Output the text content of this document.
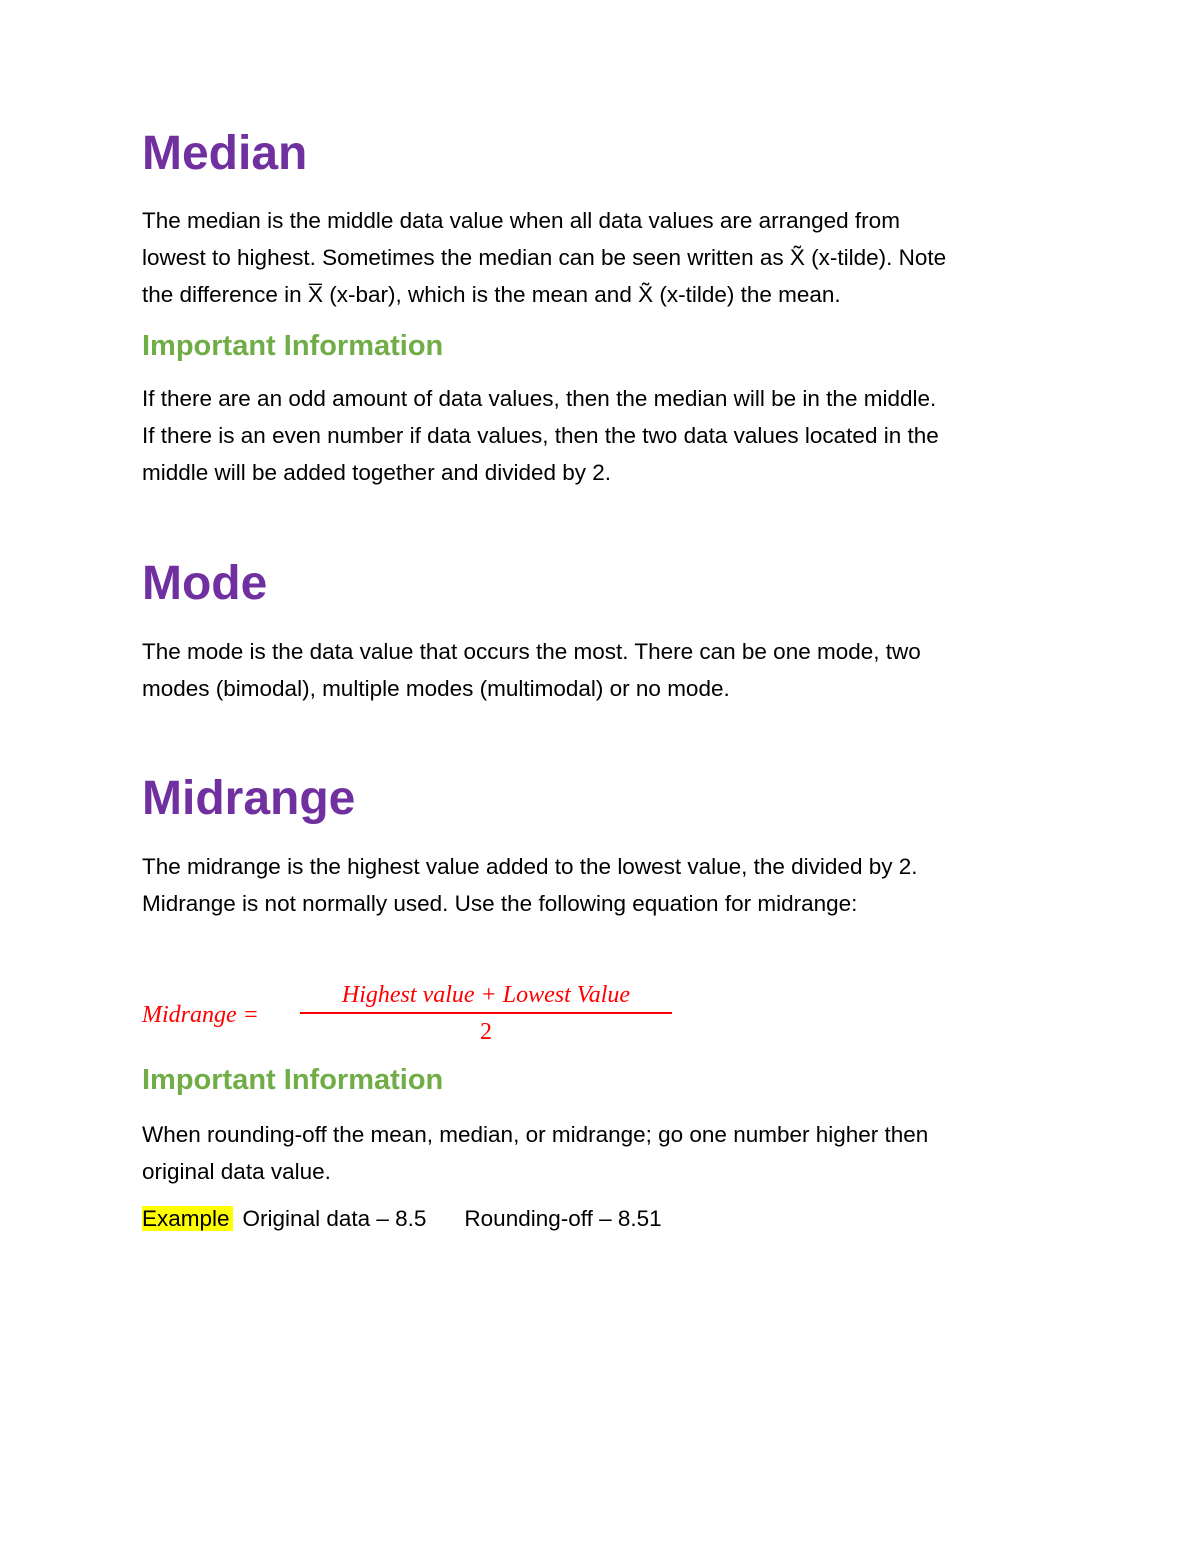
Median

The median is the middle data value when all data values are arranged from
lowest to highest. Sometimes the median can be seen written as X̃ (x-tilde). Note
the difference in X̅ (x-bar), which is the mean and X̃ (x-tilde) the mean.

Important Information

If there are an odd amount of data values, then the median will be in the middle.
If there is an even number if data values, then the two data values located in the
middle will be added together and divided by 2.

Mode

The mode is the data value that occurs the most. There can be one mode, two
modes (bimodal), multiple modes (multimodal) or no mode.

Midrange

The midrange is the highest value added to the lowest value, the divided by 2.
Midrange is not normally used. Use the following equation for midrange:

Midrange =
Highest value + Lowest Value
2
Important Information

When rounding-off the mean, median, or midrange; go one number higher then
original data value.

Example Original data – 8.5 Rounding-off – 8.51
